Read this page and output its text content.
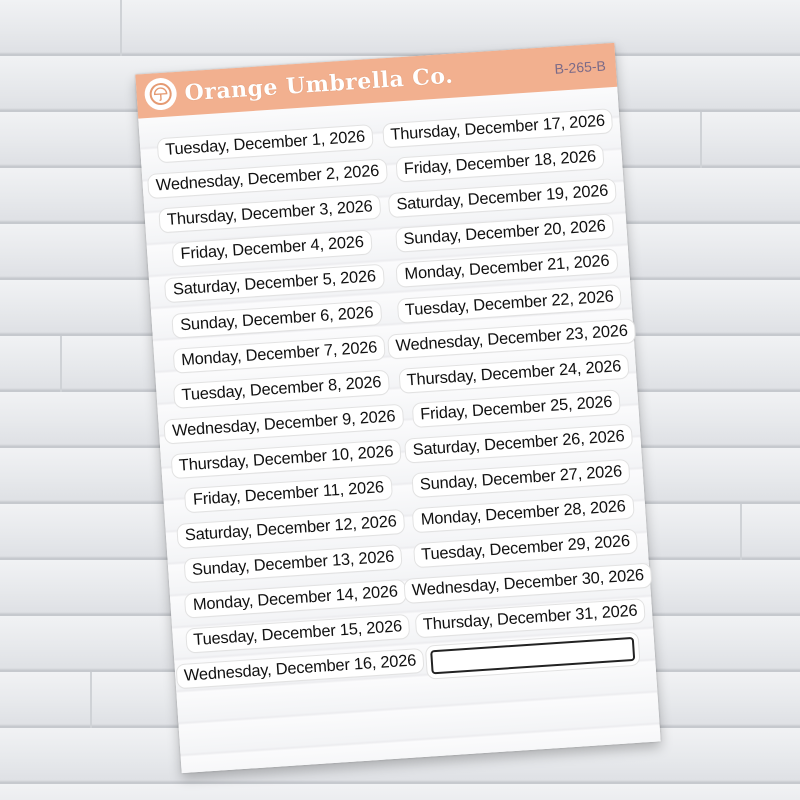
Orange Umbrella Co.	B-265-B
Tuesday, December 1, 2026
Wednesday, December 2, 2026
Thursday, December 3, 2026
Friday, December 4, 2026
Saturday, December 5, 2026
Sunday, December 6, 2026
Monday, December 7, 2026
Tuesday, December 8, 2026
Wednesday, December 9, 2026
Thursday, December 10, 2026
Friday, December 11, 2026
Saturday, December 12, 2026
Sunday, December 13, 2026
Monday, December 14, 2026
Tuesday, December 15, 2026
Wednesday, December 16, 2026
Thursday, December 17, 2026
Friday, December 18, 2026
Saturday, December 19, 2026
Sunday, December 20, 2026
Monday, December 21, 2026
Tuesday, December 22, 2026
Wednesday, December 23, 2026
Thursday, December 24, 2026
Friday, December 25, 2026
Saturday, December 26, 2026
Sunday, December 27, 2026
Monday, December 28, 2026
Tuesday, December 29, 2026
Wednesday, December 30, 2026
Thursday, December 31, 2026
